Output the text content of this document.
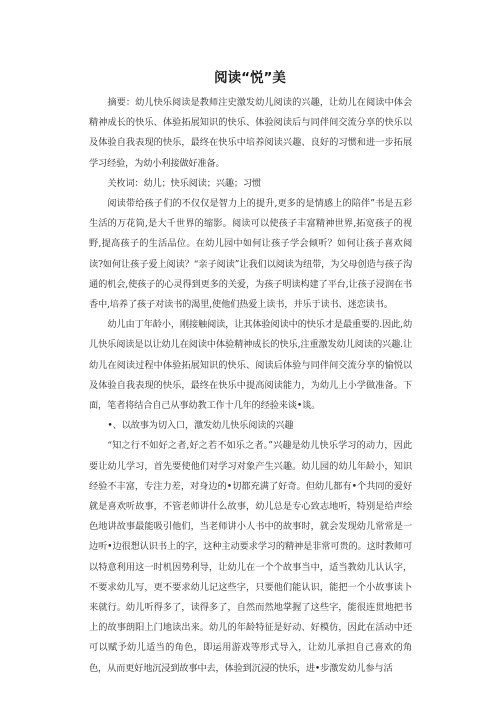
阅读“悦”美

摘要：幼儿快乐阅读是教师注史激发幼儿阅读的兴趣，让幼儿在阅读中体会精神成长的快乐、体验拓展知识的快乐、体验阅读后与同伴间交流分享的快乐以及体验自我表现的快乐，最终在快乐中培养阅读兴趣、良好的习惯和进一步拓展学习经验，为幼小利接做好准备。

关枚词：幼儿；快乐阅读；兴趣；习惯

阅读带给孩子们的不仅仅是智力上的提升,更多的是情感上的陪伴”书是五彩生活的万花筒,是大千世界的缩影。阅读可以使孩子丰富精神世界,拓宽孩子的视野,提高孩子的生活品位。在幼儿园中如何让孩子学会倾听？如何让孩子喜欢阅读?如何让孩子爱上阅读？“亲子阅读”让我们以阅读为纽带，为父母创造与孩子沟通的机会,使孩子的心灵得到更多的关爱，为孩子明读构建了平台,让孩子浸润在书香中,培养了孩子对读书的渴里,使他们热爱上读书，并乐于读书、迷恋读书。

幼儿由丁年龄小，刚接触阅读，让其体验阅读中的快乐才是最重要的.因此,幼儿快乐阅读是以让幼儿在阅读中体验精神成长的快乐,注重激发幼儿阅读的兴趣.让幼儿在阅读过程中体验拓展知识的快乐、阅读后体验与同伴间交流分享的愉悦以及体验自我表现的快乐，最终在快乐中提高阅读能力，为幼儿上小学做准备。下面，笔者将结合自己从事幼教工作十几年的经验来谈•谈。

•、以故事为切入口，激发幼儿快乐阅读的兴趣

“知之行不如好之者,好之若不如乐之者。”兴趣是幼儿快乐学习的动力，因此要让幼儿学习，首先要使他们对学习对象产生兴趣。幼儿园的幼儿年龄小，知识经验不丰富，专注力差，对身边的•切都充满了好奇。但幼儿都有•个共同的爱好就是喜欢听故事，不管老师讲什么故事，幼儿总是专心致志地听，特别是给声绘色地讲故事最能吸引他们，当老师讲小人书中的故事时，就会发现幼儿常常是一边听•边很想认识书上的字，这种主动要求学习的精神是非常可贵的。这时教师可以特意利用这一时机因势利导，让幼儿在一个个故事当中，适当教幼儿认认字，不要求幼儿写，更不要求幼儿记这些字，只要他们能认识，能把一个小故事读卜来就行。幼儿听得多了，读得多了，自然而然地掌握了这些字，能很连贯地把书上的故事朗阳上门地读出来。幼儿的年龄特征是好动、好模仿，因此在活动中还可以赋予幼儿适当的角色，即运用游戏等形式导入，让幼儿承担自己喜欢的角色，从而更好地沉浸到故事中去，体验到沉浸的快乐，进•步激发幼儿参与活
